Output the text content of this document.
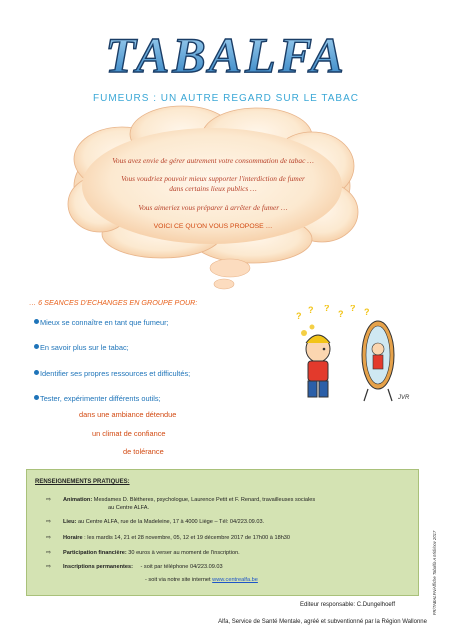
TABALFA
FUMEURS : UN AUTRE REGARD SUR LE TABAC
Vous avez envie de gérer autrement votre consommation de tabac …
Vous voudriez pouvoir mieux supporter l'interdiction de fumer
dans certains lieux publics …
Vous aimeriez vous préparer à arrêter de fumer …
VOICI CE QU'ON VOUS PROPOSE …
… 6 SEANCES D'ECHANGES EN GROUPE POUR:
Mieux se connaître en tant que fumeur;
En savoir plus sur le tabac;
Identifier ses propres ressources et difficultés;
Tester, expérimenter différents outils;
dans une ambiance détendue
un climat de confiance
de tolérance
?
? ?
?
? ?
JVR
RENSEIGNEMENTS PRATIQUES:
⇨ Animation: Mesdames D. Blétheres, psychologue, Laurence Petit et F. Renard, travailleuses sociales
au Centre ALFA.
⇨ Lieu: au Centre ALFA, rue de la Madeleine, 17 à 4000 Liège – Tél: 04/223.09.03.
⇨ Horaire : les mardis 14, 21 et 28 novembre, 05, 12 et 19 décembre 2017 de 17h00 à 18h30
⇨ Participation financière: 30 euros à verser au moment de l'inscription.
⇨ Inscriptions permanentes: - soit par téléphone 04/223.09.03
- soit via notre site internet www.centrealfa.be	FR/TABALFA/Affiche Tabalfa A Midi/nov 2017
Editeur responsable: C.Dungelhoeff
Alfa, Service de Santé Mentale, agréé et subventionné par la Région Wallonne
